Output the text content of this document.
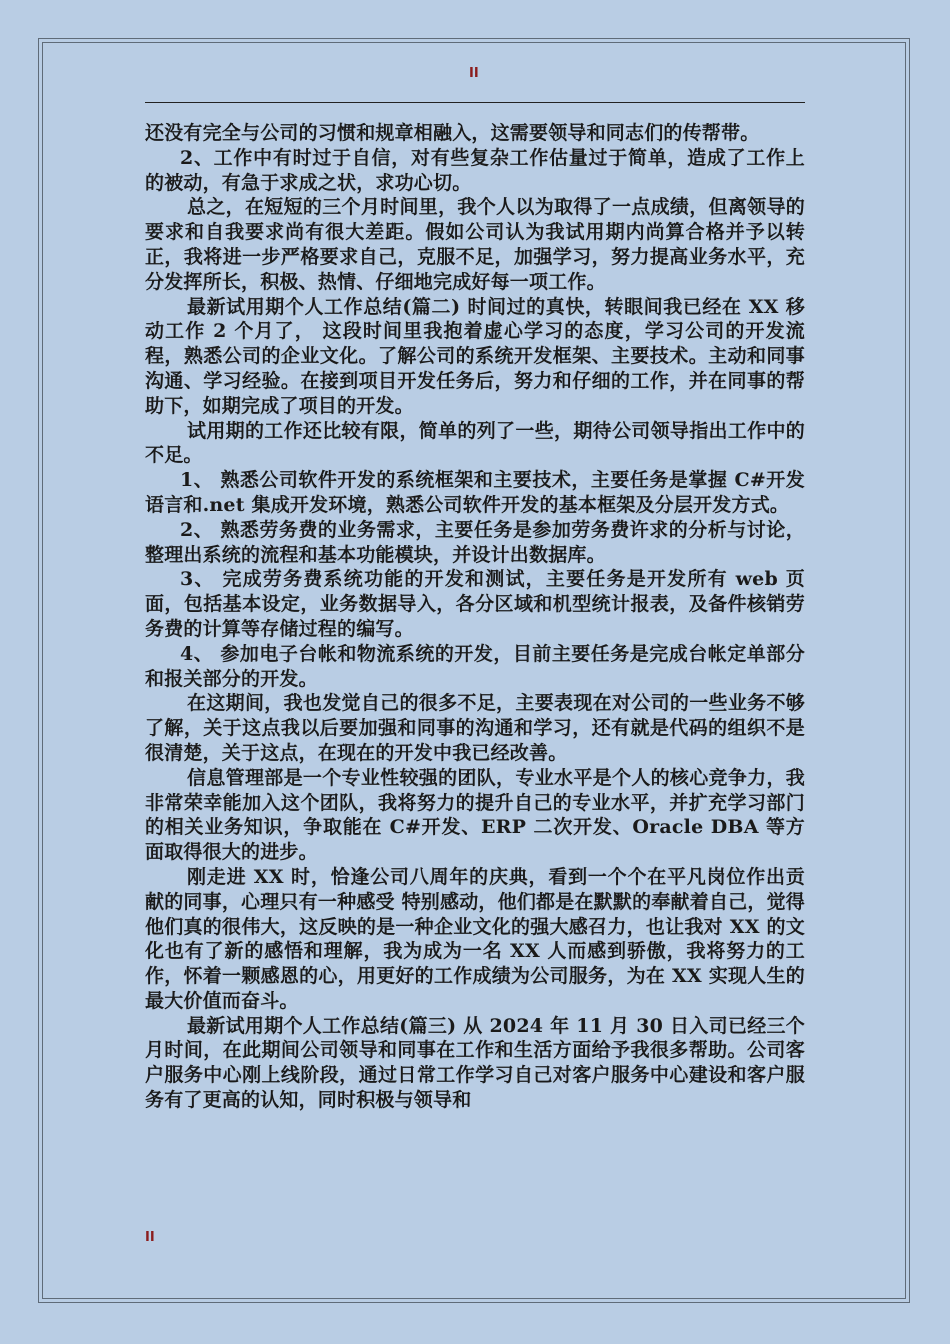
II

还没有完全与公司的习惯和规章相融入，这需要领导和同志们的传帮带。

2、工作中有时过于自信，对有些复杂工作估量过于简单，造成了工作上的被动，有急于求成之状，求功心切。

总之，在短短的三个月时间里，我个人以为取得了一点成绩，但离领导的要求和自我要求尚有很大差距。假如公司认为我试用期内尚算合格并予以转正，我将进一步严格要求自己，克服不足，加强学习，努力提高业务水平，充分发挥所长，积极、热情、仔细地完成好每一项工作。

最新试用期个人工作总结(篇二) 时间过的真快，转眼间我已经在 XX 移动工作 2 个月了， 这段时间里我抱着虚心学习的态度，学习公司的开发流程，熟悉公司的企业文化。了解公司的系统开发框架、主要技术。主动和同事沟通、学习经验。在接到项目开发任务后，努力和仔细的工作，并在同事的帮助下，如期完成了项目的开发。

试用期的工作还比较有限，简单的列了一些，期待公司领导指出工作中的不足。

1、 熟悉公司软件开发的系统框架和主要技术，主要任务是掌握 C#开发语言和.net 集成开发环境，熟悉公司软件开发的基本框架及分层开发方式。

2、 熟悉劳务费的业务需求，主要任务是参加劳务费许求的分析与讨论，整理出系统的流程和基本功能模块，并设计出数据库。

3、 完成劳务费系统功能的开发和测试，主要任务是开发所有 web 页面，包括基本设定，业务数据导入，各分区域和机型统计报表，及备件核销劳务费的计算等存储过程的编写。

4、 参加电子台帐和物流系统的开发，目前主要任务是完成台帐定单部分和报关部分的开发。

在这期间，我也发觉自己的很多不足，主要表现在对公司的一些业务不够了解，关于这点我以后要加强和同事的沟通和学习，还有就是代码的组织不是很清楚，关于这点，在现在的开发中我已经改善。

信息管理部是一个专业性较强的团队，专业水平是个人的核心竞争力，我非常荣幸能加入这个团队，我将努力的提升自己的专业水平，并扩充学习部门的相关业务知识，争取能在 C#开发、ERP 二次开发、Oracle DBA 等方面取得很大的进步。

刚走进 XX 时，恰逢公司八周年的庆典，看到一个个在平凡岗位作出贡献的同事，心理只有一种感受 特别感动，他们都是在默默的奉献着自己，觉得他们真的很伟大，这反映的是一种企业文化的强大感召力，也让我对 XX 的文化也有了新的感悟和理解，我为成为一名 XX 人而感到骄傲，我将努力的工作，怀着一颗感恩的心，用更好的工作成绩为公司服务，为在 XX 实现人生的最大价值而奋斗。

最新试用期个人工作总结(篇三) 从 2024 年 11 月 30 日入司已经三个月时间，在此期间公司领导和同事在工作和生活方面给予我很多帮助。公司客户服务中心刚上线阶段，通过日常工作学习自己对客户服务中心建设和客户服务有了更高的认知，同时积极与领导和

II
